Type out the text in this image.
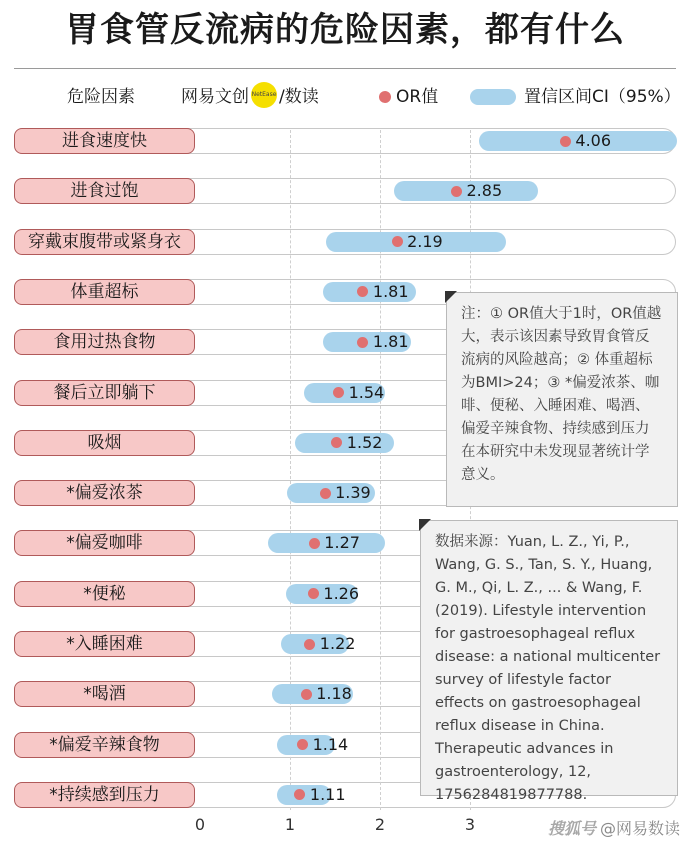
胃食管反流病的危险因素，都有什么
危险因素	网易文创 NetEase /数读	OR值	置信区间CI（95%）
0	1	2	3
进食速度快	4.06
进食过饱	2.85
穿戴束腹带或紧身衣	2.19
体重超标	1.81
食用过热食物	1.81
餐后立即躺下	1.54
吸烟	1.52
*偏爱浓茶	1.39
*偏爱咖啡	1.27
*便秘	1.26
*入睡困难	1.22
*喝酒	1.18
*偏爱辛辣食物	1.14
*持续感到压力	1.11
注：① OR值大于1时，OR值越大，表示该因素导致胃食管反流病的风险越高；② 体重超标为BMI>24；③ *偏爱浓茶、咖啡、便秘、入睡困难、喝酒、偏爱辛辣食物、持续感到压力在本研究中未发现显著统计学意义。
数据来源：Yuan, L. Z., Yi, P., Wang, G. S., Tan, S. Y., Huang, G. M., Qi, L. Z., ... & Wang, F. (2019). Lifestyle intervention for gastroesophageal reflux disease: a national multicenter survey of lifestyle factor effects on gastroesophageal reflux disease in China. Therapeutic advances in gastroenterology, 12, 1756284819877788.
搜狐号 @网易数读
